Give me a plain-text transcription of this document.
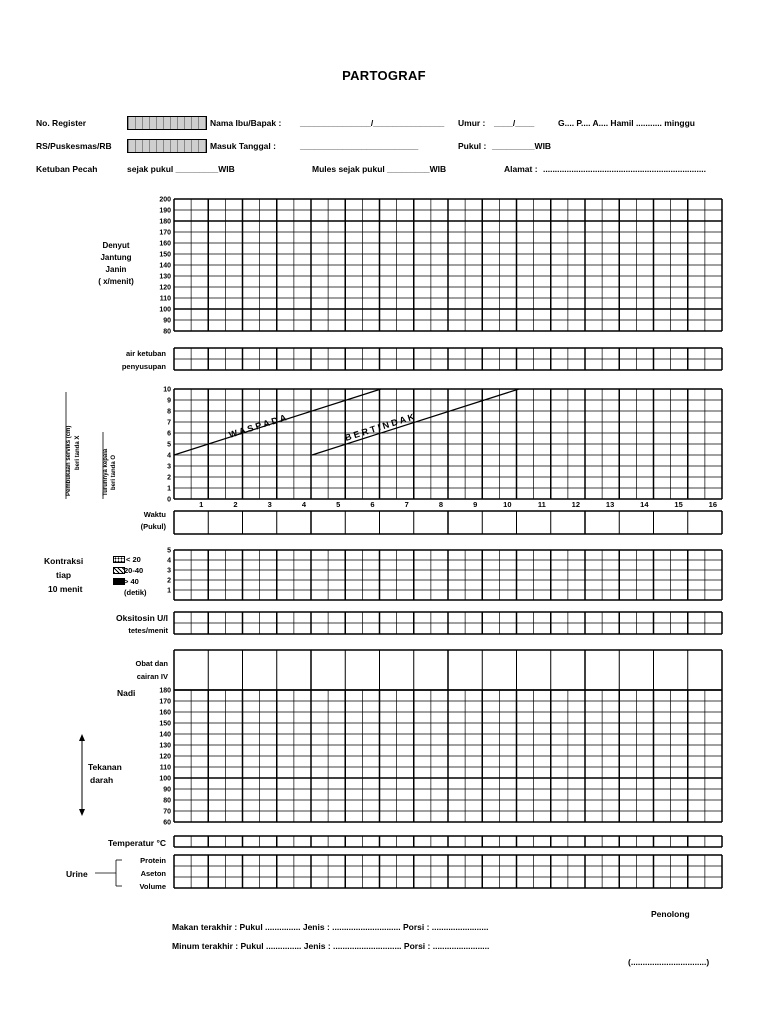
PARTOGRAF
No. Register	Nama Ibu/Bapak : _______________/_______________ Umur : ____/____	G.... P.... A.... Hamil ........... minggu
RS/Puskesmas/RB	Masuk Tanggal :	_________________________	Pukul : _________WIB
Ketuban Pecah	sejak pukul _________WIB	Mules sejak pukul _________WIB	Alamat : .....................................................................
Denyut
Jantung
Janin
( x/menit)
air ketuban
penyusupan
Pembukaan serviks (cm) beri tanda X	Turunnya kepala beri tanda O
Waktu
(Pukul)
Kontraksi
tiap
10 menit
< 20
20-40
> 40
(detik)
Oksitosin U/l
tetes/menit
Obat dan
cairan IV
Nadi
Tekanan
darah
Temperatur °C
Urine
Protein
Aseton
Volume
Penolong
Makan terakhir : Pukul ............... Jenis : ............................. Porsi : ........................
Minum terakhir : Pukul ............... Jenis : ............................. Porsi : ........................
(................................)
200
190
180
170
160
150
140
130
120
110
100
90
80
10
9
8
7
6
5
4
3
2
1
0	1	2	3	4	5	6	7	8	9	10	11	12	13	14	15	16
W A S P A D A	B E R T I N D A K
5
4
3
2
1
180
170
160
150
140
130
120
110
100
90
80
70
60
